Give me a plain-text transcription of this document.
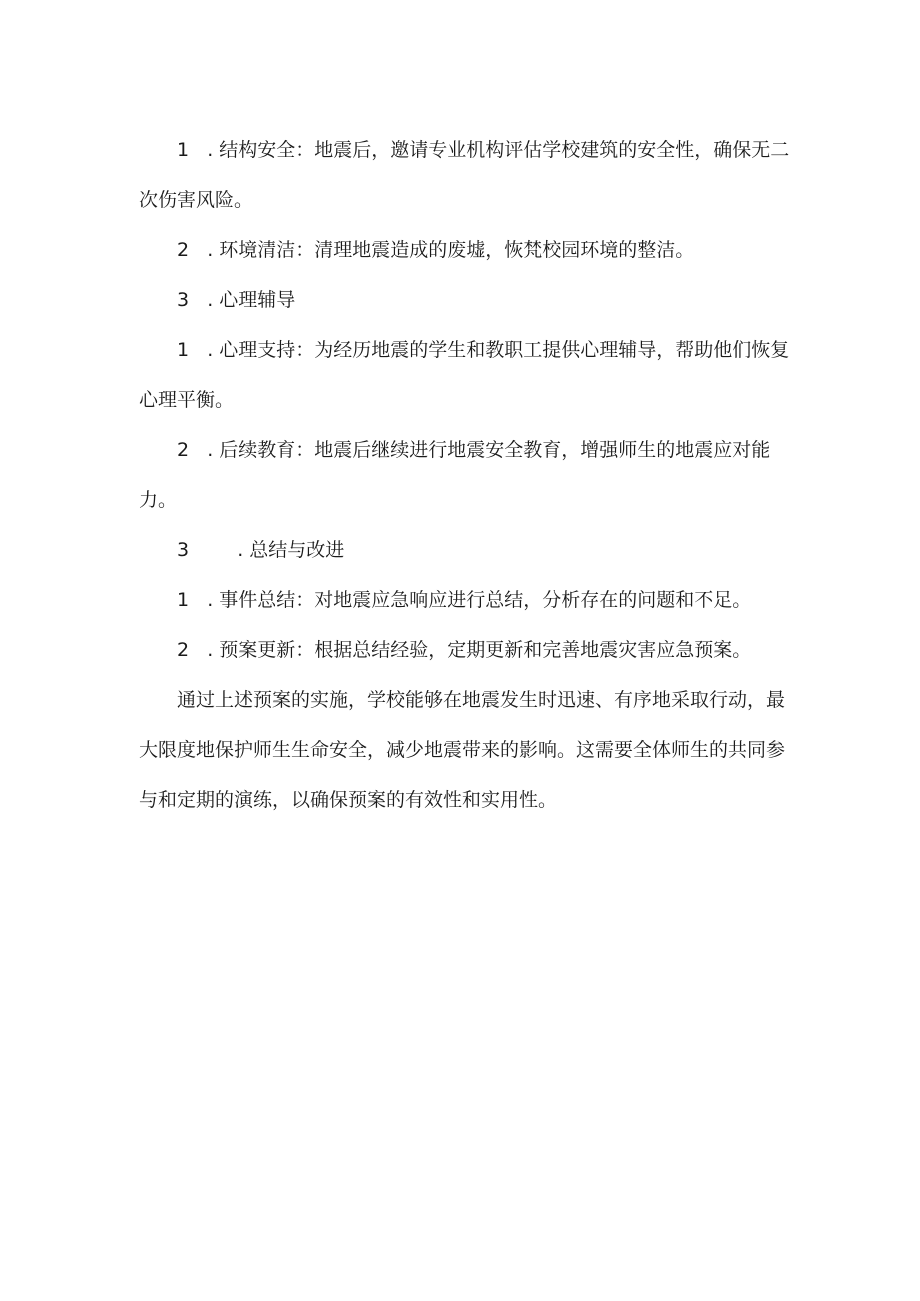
1 . 结构安全：地震后，邀请专业机构评估学校建筑的安全性，确保无二次伤害风险。

2 . 环境清洁：清理地震造成的废墟，恢梵校园环境的整洁。

3 . 心理辅导

1 . 心理支持：为经历地震的学生和教职工提供心理辅导，帮助他们恢复心理平衡。

2 . 后续教育：地震后继续进行地震安全教育，增强师生的地震应对能力。

3	. 总结与改进

1 . 事件总结：对地震应急响应进行总结，分析存在的问题和不足。

2 . 预案更新：根据总结经验，定期更新和完善地震灾害应急预案。

通过上述预案的实施，学校能够在地震发生时迅速、有序地采取行动，最大限度地保护师生生命安全，减少地震带来的影响。这需要全体师生的共同参与和定期的演练，以确保预案的有效性和实用性。
